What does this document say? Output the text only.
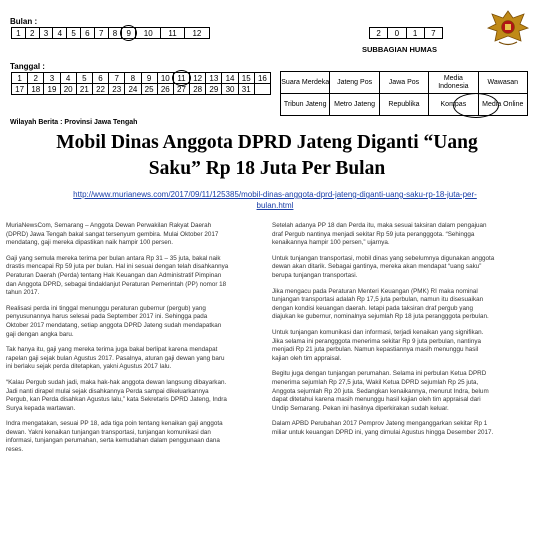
Bulan :
1	2	3	4	5	6	7	8	9	10	11	12	2	0	1	7
SUBBAGIAN HUMAS
Tanggal :
1	2	3	4	5	6	7	8	9	10	11	12	13	14	15	16
17	18	19	20	21	22	23	24	25	26	27	28	29	30	31	
Suara Merdeka	Jateng Pos	Jawa Pos	Media Indonesia	Wawasan
Tribun Jateng	Metro Jateng	Republika	Kompas	Media Online
Wilayah Berita : Provinsi Jawa Tengah
Mobil Dinas Anggota DPRD Jateng Diganti “Uang
Saku” Rp 18 Juta Per Bulan
http://www.murianews.com/2017/09/11/125385/mobil-dinas-anggota-dprd-jateng-diganti-uang-saku-rp-18-juta-per-
bulan.html

MuriaNewsCom, Semarang – Anggota Dewan Perwakilan Rakyat Daerah
(DPRD) Jawa Tengah bakal sangat tersenyum gembira. Mulai Oktober 2017
mendatang, gaji mereka dipastikan naik hampir 100 persen.

Gaji yang semula mereka terima per bulan antara Rp 31 – 35 juta, bakal naik
drastis mencapai Rp 59 juta per bulan. Hal ini sesuai dengan telah disahkannya
Peraturan Daerah (Perda) tentang Hak Keuangan dan Administratif Pimpinan
dan Anggota DPRD, sebagai tindaklanjut Peraturan Pemerintah (PP) nomor 18
tahun 2017.

Realisasi perda ini tinggal menunggu peraturan gubernur (pergub) yang
penyusunannya harus selesai pada September 2017 ini. Sehingga pada
Oktober 2017 mendatang, setiap anggota DPRD Jateng sudah mendapatkan
gaji dengan angka baru.

Tak hanya itu, gaji yang mereka terima juga bakal berlipat karena mendapat
rapelan gaji sejak bulan Agustus 2017. Pasalnya, aturan gaji dewan yang baru
ini berlaku sejak perda ditetapkan, yakni Agustus 2017 lalu.

“Kalau Pergub sudah jadi, maka hak-hak anggota dewan langsung dibayarkan.
Jadi nanti dirapel mulai sejak disahkannya Perda sampai dikeluarkannya
Pergub, kan Perda disahkan Agustus lalu,” kata Sekretaris DPRD Jateng, Indra
Surya kepada wartawan.

Indra mengatakan, sesuai PP 18, ada tiga poin tentang kenaikan gaji anggota
dewan. Yakni kenaikan tunjangan transportasi, tunjangan komunikasi dan
informasi, tunjangan perumahan, serta kemudahan dalam penggunaan dana
reses.

Setelah adanya PP 18 dan Perda itu, maka sesuai taksiran dalam pengajuan
draf Pergub nantinya menjadi sekitar Rp 59 juta perangggota. “Sehingga
kenaikannya hampir 100 persen,” ujarnya.

Untuk tunjangan transportasi, mobil dinas yang sebelumnya digunakan anggota
dewan akan ditarik. Sebagai gantinya, mereka akan mendapat “uang saku”
berupa tunjangan transportasi.

Jika mengacu pada Peraturan Menteri Keuangan (PMK) RI maka nominal
tunjangan transportasi adalah Rp 17,5 juta perbulan, namun itu disesuaikan
dengan kondisi keuangan daerah. Ietapi pada taksiran draf pergub yang
diajukan ke gubernur, nominalnya sejumlah Rp 18 juta perangggota perbulan.

Untuk tunjangan komunikasi dan informasi, terjadi kenaikan yang signifikan.
Jika selama ini perangggota menerima sekitar Rp 9 juta perbulan, nantinya
menjadi Rp 21 juta perbulan. Namun kepastiannya masih menunggu hasil
kajian oleh tim appraisal.

Begitu juga dengan tunjangan perumahan. Selama ini perbulan Ketua DPRD
menerima sejumlah Rp 27,5 juta, Wakil Ketua DPRD sejumlah Rp 25 juta,
Anggota sejumlah Rp 20 juta. Sedangkan kenaikannya, menurut Indra, belum
dapat ditetahui karena masih menunggu hasil kajian oleh tim appraisal dari
Undip Semarang. Pekan ini hasilnya diperkirakan sudah keluar.

Dalam APBD Perubahan 2017 Pemprov Jateng menganggarkan sekitar Rp 1
miliar untuk keuangan DPRD ini, yang dimulai Agustus hingga Desember 2017.
